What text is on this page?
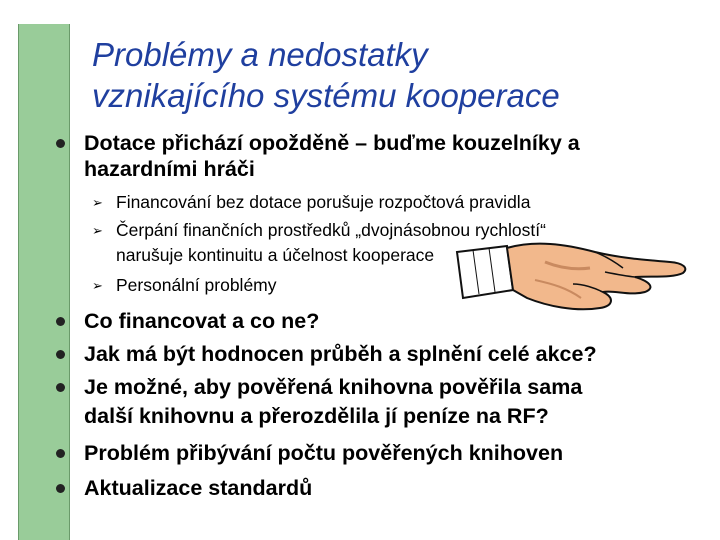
Problémy a nedostatky
vznikajícího systému kooperace
Dotace přichází opožděně – buďme kouzelníky a
hazardními hráči
➢ Financování bez dotace porušuje rozpočtová pravidla
➢ Čerpání finančních prostředků „dvojnásobnou rychlostí“
narušuje kontinuitu a účelnost kooperace
➢ Personální problémy
Co financovat a co ne?
Jak má být hodnocen průběh a splnění celé akce?
Je možné, aby pověřená knihovna pověřila sama
další knihovnu a přerozdělila jí peníze na RF?
Problém přibývání počtu pověřených knihoven
Aktualizace standardů
